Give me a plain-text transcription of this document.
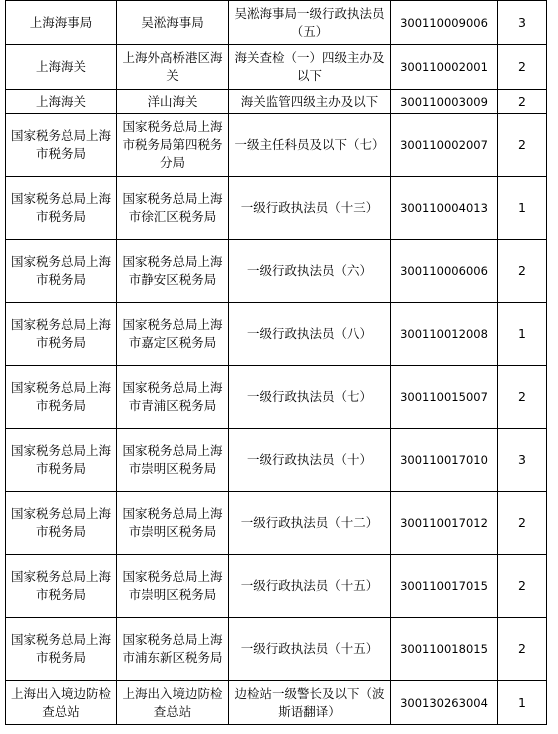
上海海事局	吴淞海事局	吴淞海事局一级行政执法员（五）	300110009006	3
上海海关	上海外高桥港区海关	海关查检（一）四级主办及以下	300110002001	2
上海海关	洋山海关	海关监管四级主办及以下	300110003009	2
国家税务总局上海市税务局	国家税务总局上海市税务局第四税务分局	一级主任科员及以下（七）	300110002007	2
国家税务总局上海市税务局	国家税务总局上海市徐汇区税务局	一级行政执法员（十三）	300110004013	1
国家税务总局上海市税务局	国家税务总局上海市静安区税务局	一级行政执法员（六）	300110006006	2
国家税务总局上海市税务局	国家税务总局上海市嘉定区税务局	一级行政执法员（八）	300110012008	1
国家税务总局上海市税务局	国家税务总局上海市青浦区税务局	一级行政执法员（七）	300110015007	2
国家税务总局上海市税务局	国家税务总局上海市崇明区税务局	一级行政执法员（十）	300110017010	3
国家税务总局上海市税务局	国家税务总局上海市崇明区税务局	一级行政执法员（十二）	300110017012	2
国家税务总局上海市税务局	国家税务总局上海市崇明区税务局	一级行政执法员（十五）	300110017015	2
国家税务总局上海市税务局	国家税务总局上海市浦东新区税务局	一级行政执法员（十五）	300110018015	2
上海出入境边防检查总站	上海出入境边防检查总站	边检站一级警长及以下（波斯语翻译）	300130263004	1
